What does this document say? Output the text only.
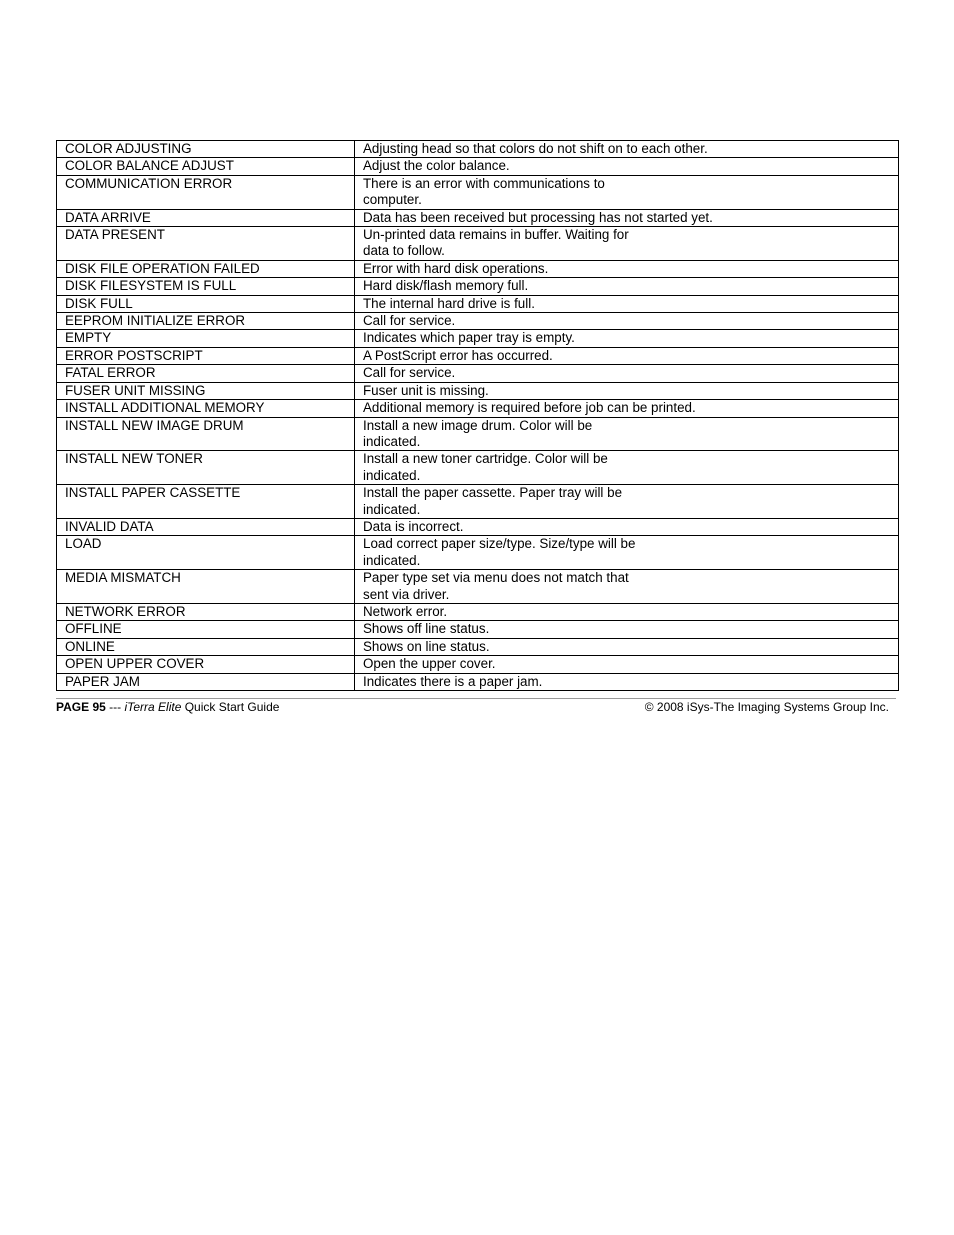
COLOR ADJUSTING	Adjusting head so that colors do not shift on to each other.
COLOR BALANCE ADJUST	Adjust the color balance.
COMMUNICATION ERROR	There is an error with communications to
computer.
DATA ARRIVE	Data has been received but processing has not started yet.
DATA PRESENT	Un-printed data remains in buffer. Waiting for
data to follow.
DISK FILE OPERATION FAILED	Error with hard disk operations.
DISK FILESYSTEM IS FULL	Hard disk/flash memory full.
DISK FULL	The internal hard drive is full.
EEPROM INITIALIZE ERROR	Call for service.
EMPTY	Indicates which paper tray is empty.
ERROR POSTSCRIPT	A PostScript error has occurred.
FATAL ERROR	Call for service.
FUSER UNIT MISSING	Fuser unit is missing.
INSTALL ADDITIONAL MEMORY	Additional memory is required before job can be printed.
INSTALL NEW IMAGE DRUM	Install a new image drum. Color will be
indicated.
INSTALL NEW TONER	Install a new toner cartridge. Color will be
indicated.
INSTALL PAPER CASSETTE	Install the paper cassette. Paper tray will be
indicated.
INVALID DATA	Data is incorrect.
LOAD	Load correct paper size/type. Size/type will be
indicated.
MEDIA MISMATCH	Paper type set via menu does not match that
sent via driver.
NETWORK ERROR	Network error.
OFFLINE	Shows off line status.
ONLINE	Shows on line status.
OPEN UPPER COVER	Open the upper cover.
PAPER JAM	Indicates there is a paper jam.
PAGE 95 --- iTerra Elite Quick Start Guide	© 2008 iSys-The Imaging Systems Group Inc.
